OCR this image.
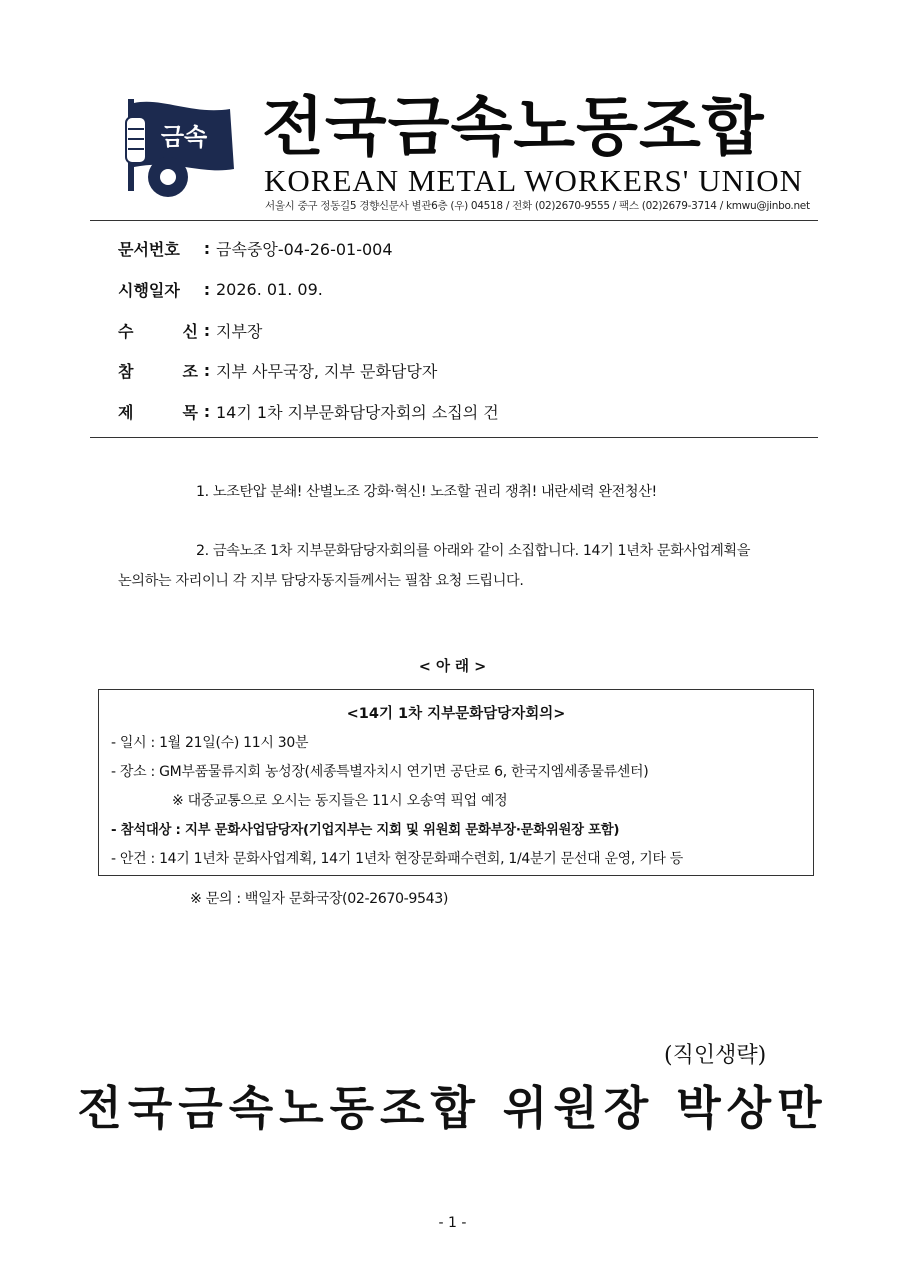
금속 전국금속노동조합
KOREAN METAL WORKERS' UNION
서울시 중구 정동길5 경향신문사 별관6층 (우) 04518 / 전화 (02)2670-9555 / 팩스 (02)2679-3714 / kmwu@jinbo.net
문서번호	: 금속중앙-04-26-01-004
시행일자	: 2026. 01. 09.
수	신 : 지부장
참	조 : 지부 사무국장, 지부 문화담당자
제	목 : 14기 1차 지부문화담당자회의 소집의 건
1. 노조탄압 분쇄! 산별노조 강화·혁신! 노조할 권리 쟁취! 내란세력 완전청산!
2. 금속노조 1차 지부문화담당자회의를 아래와 같이 소집합니다. 14기 1년차 문화사업계획을
논의하는 자리이니 각 지부 담당자동지들께서는 필참 요청 드립니다.
< 아 래 >
<14기 1차 지부문화담당자회의>
- 일시 : 1월 21일(수) 11시 30분
- 장소 : GM부품물류지회 농성장(세종특별자치시 연기면 공단로 6, 한국지엠세종물류센터)
※ 대중교통으로 오시는 동지들은 11시 오송역 픽업 예정
- 참석대상 : 지부 문화사업담당자(기업지부는 지회 및 위원회 문화부장·문화위원장 포함)
- 안건 : 14기 1년차 문화사업계획, 14기 1년차 현장문화패수련회, 1/4분기 문선대 운영, 기타 등
※ 문의 : 백일자 문화국장(02-2670-9543)
(직인생략)
전국금속노동조합 위원장 박상만
- 1 -
